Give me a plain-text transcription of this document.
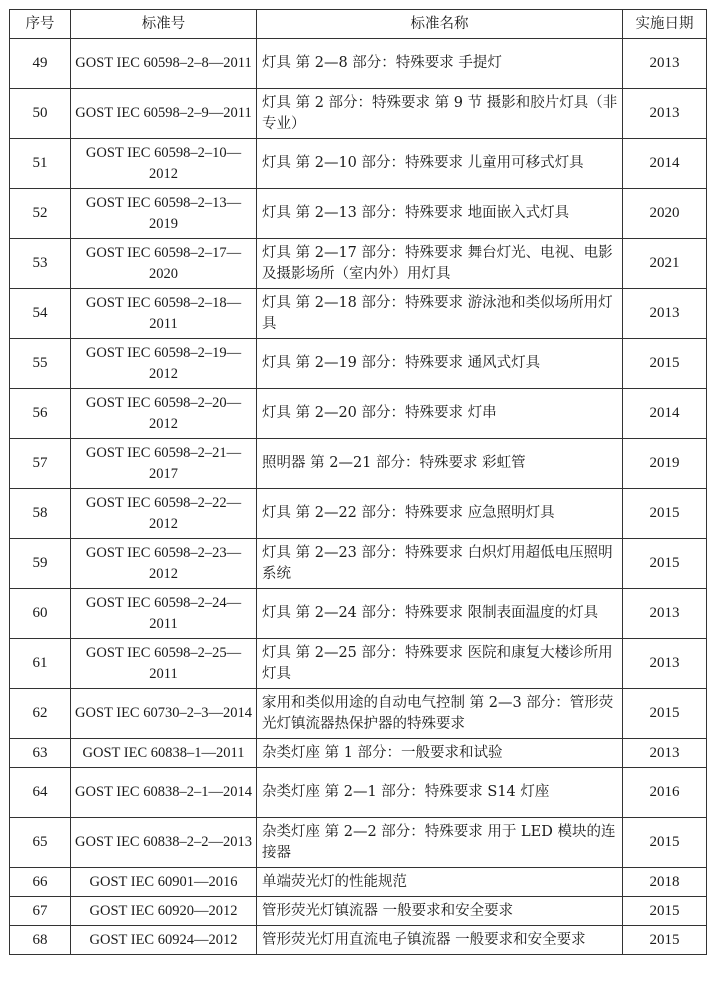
序号	标准号	标准名称	实施日期
49	GOST IEC 60598–2–8—2011	灯具 第 2—8 部分：特殊要求 手提灯	2013
50	GOST IEC 60598–2–9—2011	灯具 第 2 部分：特殊要求 第 9 节 摄影和胶片灯具（非专业）	2013
51	GOST IEC 60598–2–10—2012	灯具 第 2—10 部分：特殊要求 儿童用可移式灯具	2014
52	GOST IEC 60598–2–13—2019	灯具 第 2—13 部分：特殊要求 地面嵌入式灯具	2020
53	GOST IEC 60598–2–17—2020	灯具 第 2—17 部分：特殊要求 舞台灯光、电视、电影及摄影场所（室内外）用灯具	2021
54	GOST IEC 60598–2–18—2011	灯具 第 2—18 部分：特殊要求 游泳池和类似场所用灯具	2013
55	GOST IEC 60598–2–19—2012	灯具 第 2—19 部分：特殊要求 通风式灯具	2015
56	GOST IEC 60598–2–20—2012	灯具 第 2—20 部分：特殊要求 灯串	2014
57	GOST IEC 60598–2–21—2017	照明器 第 2—21 部分：特殊要求 彩虹管	2019
58	GOST IEC 60598–2–22—2012	灯具 第 2—22 部分：特殊要求 应急照明灯具	2015
59	GOST IEC 60598–2–23—2012	灯具 第 2—23 部分：特殊要求 白炽灯用超低电压照明系统	2015
60	GOST IEC 60598–2–24—2011	灯具 第 2—24 部分：特殊要求 限制表面温度的灯具	2013
61	GOST IEC 60598–2–25—2011	灯具 第 2—25 部分：特殊要求 医院和康复大楼诊所用灯具	2013
62	GOST IEC 60730–2–3—2014	家用和类似用途的自动电气控制 第 2—3 部分：管形荧光灯镇流器热保护器的特殊要求	2015
63	GOST IEC 60838–1—2011	杂类灯座 第 1 部分：一般要求和试验	2013
64	GOST IEC 60838–2–1—2014	杂类灯座 第 2—1 部分：特殊要求 S14 灯座	2016
65	GOST IEC 60838–2–2—2013	杂类灯座 第 2—2 部分：特殊要求 用于 LED 模块的连接器	2015
66	GOST IEC 60901—2016	单端荧光灯的性能规范	2018
67	GOST IEC 60920—2012	管形荧光灯镇流器 一般要求和安全要求	2015
68	GOST IEC 60924—2012	管形荧光灯用直流电子镇流器 一般要求和安全要求	2015
